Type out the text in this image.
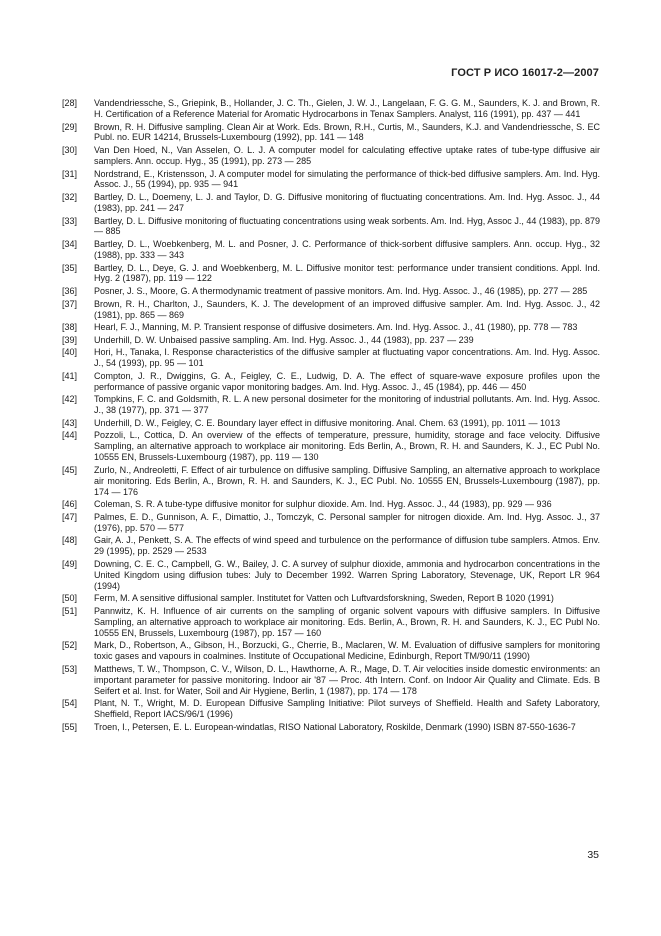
ГОСТ Р ИСО 16017-2—2007
[28]	Vandendriessche, S., Griepink, B., Hollander, J. C. Th., Gielen, J. W. J., Langelaan, F. G. G. M., Saunders, K. J. and Brown, R. H. Certification of a Reference Material for Aromatic Hydrocarbons in Tenax Samplers. Analyst, 116 (1991), pp. 437 — 441
[29]	Brown, R. H. Diffusive sampling. Clean Air at Work. Eds. Brown, R.H., Curtis, M., Saunders, K.J. and Vandendriessche, S. EC Publ. no. EUR 14214, Brussels-Luxembourg (1992), pp. 141 — 148
[30]	Van Den Hoed, N., Van Asselen, O. L. J. A computer model for calculating effective uptake rates of tube-type diffusive air samplers. Ann. occup. Hyg., 35 (1991), pp. 273 — 285
[31]	Nordstrand, E., Kristensson, J. A computer model for simulating the performance of thick-bed diffusive samplers. Am. Ind. Hyg. Assoc. J., 55 (1994), pp. 935 — 941
[32]	Bartley, D. L., Doemeny, L. J. and Taylor, D. G. Diffusive monitoring of fluctuating concentrations. Am. Ind. Hyg. Assoc. J., 44 (1983), pp. 241 — 247
[33]	Bartley, D. L. Diffusive monitoring of fluctuating concentrations using weak sorbents. Am. Ind. Hyg, Assoc J., 44 (1983), pp. 879 — 885
[34]	Bartley, D. L., Woebkenberg, M. L. and Posner, J. C. Performance of thick-sorbent diffusive samplers. Ann. occup. Hyg., 32 (1988), pp. 333 — 343
[35]	Bartley, D. L., Deye, G. J. and Woebkenberg, M. L. Diffusive monitor test: performance under transient conditions. Appl. Ind. Hyg. 2 (1987), pp. 119 — 122
[36]	Posner, J. S., Moore, G. A thermodynamic treatment of passive monitors. Am. Ind. Hyg. Assoc. J., 46 (1985), pp. 277 — 285
[37]	Brown, R. H., Charlton, J., Saunders, K. J. The development of an improved diffusive sampler. Am. Ind. Hyg. Assoc. J., 42 (1981), pp. 865 — 869
[38]	Hearl, F. J., Manning, M. P. Transient response of diffusive dosimeters. Am. Ind. Hyg. Assoc. J., 41 (1980), pp. 778 — 783
[39]	Underhill, D. W. Unbaised passive sampling. Am. Ind. Hyg. Assoc. J., 44 (1983), pp. 237 — 239
[40]	Hori, H., Tanaka, I. Response characteristics of the diffusive sampler at fluctuating vapor concentrations. Am. Ind. Hyg. Assoc. J., 54 (1993), pp. 95 — 101
[41]	Compton, J. R., Dwiggins, G. A., Feigley, C. E., Ludwig, D. A. The effect of square-wave exposure profiles upon the performance of passive organic vapor monitoring badges. Am. Ind. Hyg. Assoc. J., 45 (1984), pp. 446 — 450
[42]	Tompkins, F. C. and Goldsmith, R. L. A new personal dosimeter for the monitoring of industrial pollutants. Am. Ind. Hyg. Assoc. J., 38 (1977), pp. 371 — 377
[43]	Underhill, D. W., Feigley, C. E. Boundary layer effect in diffusive monitoring. Anal. Chem. 63 (1991), pp. 1011 — 1013
[44]	Pozzoli, L., Cottica, D. An overview of the effects of temperature, pressure, humidity, storage and face velocity. Diffusive Sampling, an alternative approach to workplace air monitoring. Eds Berlin, A., Brown, R. H. and Saunders, K. J., EC Publ No. 10555 EN, Brussels-Luxembourg (1987), pp. 119 — 130
[45]	Zurlo, N., Andreoletti, F. Effect of air turbulence on diffusive sampling. Diffusive Sampling, an alternative approach to workplace air monitoring. Eds Berlin, A., Brown, R. H. and Saunders, K. J., EC Publ. No. 10555 EN, Brussels-Luxembourg (1987), pp. 174 — 176
[46]	Coleman, S. R. A tube-type diffusive monitor for sulphur dioxide. Am. Ind. Hyg. Assoc. J., 44 (1983), pp. 929 — 936
[47]	Palmes, E. D., Gunnison, A. F., Dimattio, J., Tomczyk, C. Personal sampler for nitrogen dioxide. Am. Ind. Hyg. Assoc. J., 37 (1976), pp. 570 — 577
[48]	Gair, A. J., Penkett, S. A. The effects of wind speed and turbulence on the performance of diffusion tube samplers. Atmos. Env. 29 (1995), pp. 2529 — 2533
[49]	Downing, C. E. C., Campbell, G. W., Bailey, J. C. A survey of sulphur dioxide, ammonia and hydrocarbon concentrations in the United Kingdom using diffusion tubes: July to December 1992. Warren Spring Laboratory, Stevenage, UK, Report LR 964 (1994)
[50]	Ferm, M. A sensitive diffusional sampler. Institutet for Vatten och Luftvardsforskning, Sweden, Report B 1020 (1991)
[51]	Pannwitz, K. H. Influence of air currents on the sampling of organic solvent vapours with diffusive samplers. In Diffusive Sampling, an alternative approach to workplace air monitoring. Eds. Berlin, A., Brown, R. H. and Saunders, K. J., EC Publ No. 10555 EN, Brussels, Luxembourg (1987), pp. 157 — 160
[52]	Mark, D., Robertson, A., Gibson, H., Borzucki, G., Cherrie, B., Maclaren, W. M. Evaluation of diffusive samplers for monitoring toxic gases and vapours in coalmines. Institute of Occupational Medicine, Edinburgh, Report TM/90/11 (1990)
[53]	Matthews, T. W., Thompson, C. V., Wilson, D. L., Hawthorne, A. R., Mage, D. T. Air velocities inside domestic environments: an important parameter for passive monitoring. Indoor air '87 — Proc. 4th Intern. Conf. on Indoor Air Quality and Climate. Eds. B Seifert et al. Inst. for Water, Soil and Air Hygiene, Berlin, 1 (1987), pp. 174 — 178
[54]	Plant, N. T., Wright, M. D. European Diffusive Sampling Initiative: Pilot surveys of Sheffield. Health and Safety Laboratory, Sheffield, Report IACS/96/1 (1996)
[55]	Troen, I., Petersen, E. L. European-windatlas, RISO National Laboratory, Roskilde, Denmark (1990) ISBN 87-550-1636-7
35
